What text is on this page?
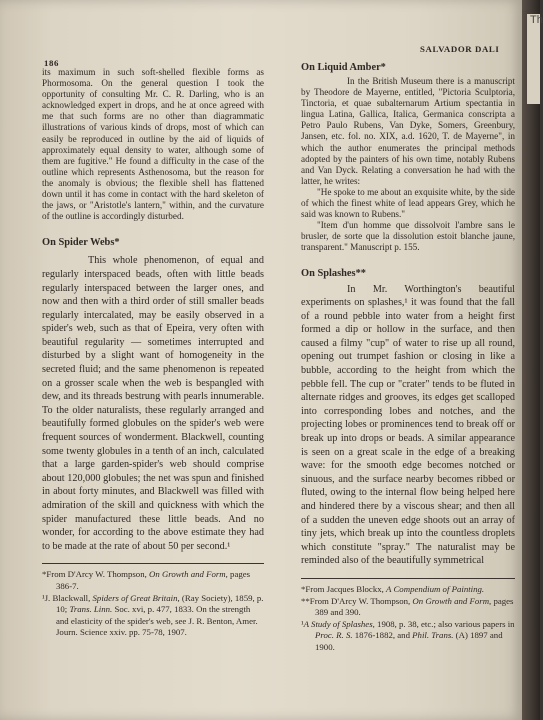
186
SALVADOR DALI

its maximum in such soft-shelled flexible forms as Phormosoma. On the general question I took the opportunity of consulting Mr. C. R. Darling, who is an acknowledged expert in drops, and he at once agreed with me that such forms are no other than diagrammatic illustrations of various kinds of drops, most of which can easily be reproduced in outline by the aid of liquids of approximately equal density to water, although some of them are fugitive." He found a difficulty in the case of the outline which represents Asthenosoma, but the reason for the anomaly is obvious; the flexible shell has flattened down until it has come in contact with the hard skeleton of the jaws, or "Aristotle's lantern," within, and the curvature of the outline is accordingly disturbed.

On Spider Webs*

This whole phenomenon, of equal and regularly interspaced beads, often with little beads regularly interspaced between the larger ones, and now and then with a third order of still smaller beads regularly intercalated, may be easily observed in a spider's web, such as that of Epeira, very often with beautiful regularity — sometimes interrupted and disturbed by a slight want of homogeneity in the secreted fluid; and the same phenomenon is repeated on a grosser scale when the web is bespangled with dew, and its threads bestrung with pearls innumerable. To the older naturalists, these regularly arranged and beautifully formed globules on the spider's web were frequent sources of wonderment. Blackwell, counting some twenty globules in a tenth of an inch, calculated that a large garden-spider's web should comprise about 120,000 globules; the net was spun and finished in about forty minutes, and Blackwell was filled with admiration of the skill and quickness with which the spider manufactured these little beads. And no wonder, for according to the above estimate they had to be made at the rate of about 50 per second.¹

*From D'Arcy W. Thompson, On Growth and Form, pages 386-7.

¹J. Blackwall, Spiders of Great Britain, (Ray Society), 1859, p. 10; Trans. Linn. Soc. xvi, p. 477, 1833. On the strength and elasticity of the spider's web, see J. R. Benton, Amer. Journ. Science xxiv. pp. 75-78, 1907.

On Liquid Amber*

In the British Museum there is a manuscript by Theodore de Mayerne, entitled, "Pictoria Sculptoria, Tinctoria, et quae subalternarum Artium spectantia in lingua Latina, Gallica, Italica, Germanica conscripta a Petro Paulo Rubens, Van Dyke, Somers, Greenbury, Jansen, etc. fol. no. XIX, a.d. 1620, T. de Mayerne", in which the author enumerates the principal methods adopted by the painters of his own time, notably Rubens and Van Dyck. Relating a conversation he had with the latter, he writes:

"He spoke to me about an exquisite white, by the side of which the finest white of lead appears Grey, which he said was known to Rubens."

"Item d'un homme que dissolvoit l'ambre sans le brusler, de sorte que la dissolution estoit blanche jaune, transparent." Manuscript p. 155.

On Splashes**

In Mr. Worthington's beautiful experiments on splashes,¹ it was found that the fall of a round pebble into water from a height first formed a dip or hollow in the surface, and then caused a filmy "cup" of water to rise up all round, opening out trumpet fashion or closing in like a bubble, according to the height from which the pebble fell. The cup or "crater" tends to be fluted in alternate ridges and grooves, its edges get scalloped into corresponding lobes and notches, and the projecting lobes or prominences tend to break off or break up into drops or beads. A similar appearance is seen on a great scale in the edge of a breaking wave: for the smooth edge becomes notched or sinuous, and the surface nearby becomes ribbed or fluted, owing to the internal flow being helped here and hindered there by a viscous shear; and then all of a sudden the uneven edge shoots out an array of tiny jets, which break up into the countless droplets which constitute "spray." The naturalist may be reminded also of the beautifully symmetrical

*From Jacques Blockx, A Compendium of Painting.

**From D'Arcy W. Thompson, On Growth and Form, pages 389 and 390.

¹A Study of Splashes, 1908, p. 38, etc.; also various papers in Proc. R. S. 1876-1882, and Phil. Trans. (A) 1897 and 1900.

Th
